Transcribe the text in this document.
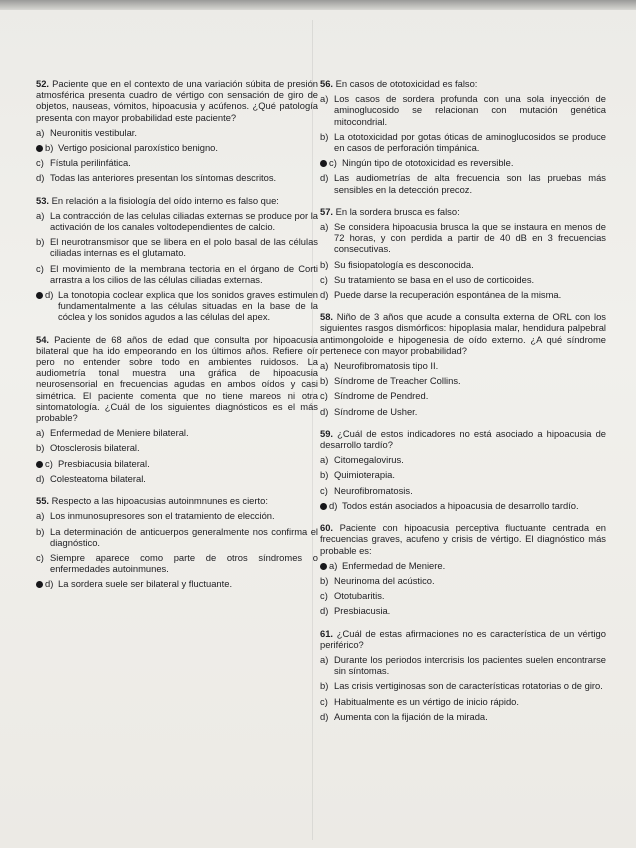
52. Paciente que en el contexto de una variación súbita de presión atmosférica presenta cuadro de vértigo con sensación de giro de objetos, nauseas, vómitos, hipoacusia y acúfenos. ¿Qué patología presenta con mayor probabilidad este paciente?
a) Neuronitis vestibular.
b) Vertigo posicional paroxístico benigno.
c) Fístula perilinfática.
d) Todas las anteriores presentan los síntomas descritos.
53. En relación a la fisiología del oído interno es falso que:
a) La contracción de las celulas ciliadas externas se produce por la activación de los canales voltodependientes de calcio.
b) El neurotransmisor que se libera en el polo basal de las células ciliadas internas es el glutamato.
c) El movimiento de la membrana tectoria en el órgano de Corti arrastra a los cilios de las células ciliadas externas.
d) La tonotopia coclear explica que los sonidos graves estimulen fundamentalmente a las células situadas en la base de la cóclea y los sonidos agudos a las células del apex.
54. Paciente de 68 años de edad que consulta por hipoacusia bilateral que ha ido empeorando en los últimos años. Refiere oír pero no entender sobre todo en ambientes ruidosos. La audiometría tonal muestra una gráfica de hipoacusia neurosensorial en frecuencias agudas en ambos oídos y casi simétrica. El paciente comenta que no tiene mareos ni otra sintomatología. ¿Cuál de los siguientes diagnósticos es el más probable?
a) Enfermedad de Meniere bilateral.
b) Otosclerosis bilateral.
c) Presbiacusia bilateral.
d) Colesteatoma bilateral.
55. Respecto a las hipoacusias autoinmnunes es cierto:
a) Los inmunosupresores son el tratamiento de elección.
b) La determinación de anticuerpos generalmente nos confirma el diagnóstico.
c) Siempre aparece como parte de otros síndromes o enfermedades autoinmunes.
d) La sordera suele ser bilateral y fluctuante.
56. En casos de ototoxicidad es falso:
a) Los casos de sordera profunda con una sola inyección de aminoglucosido se relacionan con mutación genética mitocondrial.
b) La ototoxicidad por gotas óticas de aminoglucosidos se produce en casos de perforación timpánica.
c) Ningún tipo de ototoxicidad es reversible.
d) Las audiometrías de alta frecuencia son las pruebas más sensibles en la detección precoz.
57. En la sordera brusca es falso:
a) Se considera hipoacusia brusca la que se instaura en menos de 72 horas, y con perdida a partir de 40 dB en 3 frecuencias consecutivas.
b) Su fisiopatología es desconocida.
c) Su tratamiento se basa en el uso de corticoides.
d) Puede darse la recuperación espontánea de la misma.
58. Niño de 3 años que acude a consulta externa de ORL con los siguientes rasgos dismórficos: hipoplasia malar, hendidura palpebral antimongoloide e hipogenesia de oído externo. ¿A qué síndrome pertenece con mayor probabilidad?
a) Neurofibromatosis tipo II.
b) Síndrome de Treacher Collins.
c) Síndrome de Pendred.
d) Síndrome de Usher.
59. ¿Cuál de estos indicadores no está asociado a hipoacusia de desarrollo tardío?
a) Citomegalovirus.
b) Quimioterapia.
c) Neurofibromatosis.
d) Todos están asociados a hipoacusia de desarrollo tardío.
60. Paciente con hipoacusia perceptiva fluctuante centrada en frecuencias graves, acufeno y crisis de vértigo. El diagnóstico más probable es:
a) Enfermedad de Meniere.
b) Neurinoma del acústico.
c) Ototubaritis.
d) Presbiacusia.
61. ¿Cuál de estas afirmaciones no es característica de un vértigo periférico?
a) Durante los periodos intercrisis los pacientes suelen encontrarse sin síntomas.
b) Las crisis vertiginosas son de características rotatorias o de giro.
c) Habitualmente es un vértigo de inicio rápido.
d) Aumenta con la fijación de la mirada.
